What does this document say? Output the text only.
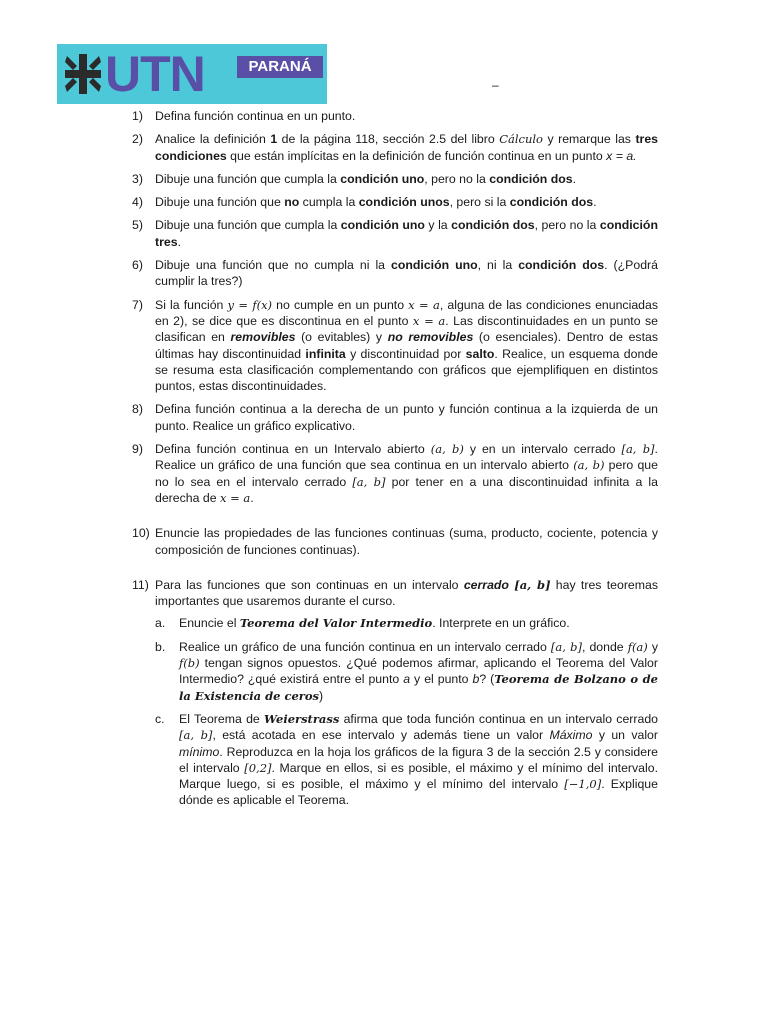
UTN	PARANÁ
–
1) Defina función continua en un punto.
2) Analice la definición 1 de la página 118, sección 2.5 del libro Cálculo y remarque las tres condiciones que están implícitas en la definición de función continua en un punto x = a.
3) Dibuje una función que cumpla la condición uno, pero no la condición dos.
4) Dibuje una función que no cumpla la condición unos, pero si la condición dos.
5) Dibuje una función que cumpla la condición uno y la condición dos, pero no la condición tres.
6) Dibuje una función que no cumpla ni la condición uno, ni la condición dos. (¿Podrá cumplir la tres?)
7) Si la función y = f(x) no cumple en un punto x = a, alguna de las condiciones enunciadas en 2), se dice que es discontinua en el punto x = a. Las discontinuidades en un punto se clasifican en removibles (o evitables) y no removibles (o esenciales). Dentro de estas últimas hay discontinuidad infinita y discontinuidad por salto. Realice, un esquema donde se resuma esta clasificación complementando con gráficos que ejemplifiquen en distintos puntos, estas discontinuidades.
8) Defina función continua a la derecha de un punto y función continua a la izquierda de un punto. Realice un gráfico explicativo.
9) Defina función continua en un Intervalo abierto (a, b) y en un intervalo cerrado [a, b]. Realice un gráfico de una función que sea continua en un intervalo abierto (a, b) pero que no lo sea en el intervalo cerrado [a, b] por tener en a una discontinuidad infinita a la derecha de x = a.
10) Enuncie las propiedades de las funciones continuas (suma, producto, cociente, potencia y composición de funciones continuas).
11) Para las funciones que son continuas en un intervalo cerrado [a, b] hay tres teoremas importantes que usaremos durante el curso.
a. Enuncie el Teorema del Valor Intermedio. Interprete en un gráfico.
b. Realice un gráfico de una función continua en un intervalo cerrado [a, b], donde f(a) y f(b) tengan signos opuestos. ¿Qué podemos afirmar, aplicando el Teorema del Valor Intermedio? ¿qué existirá entre el punto a y el punto b? (Teorema de Bolzano o de la Existencia de ceros)
c. El Teorema de Weierstrass afirma que toda función continua en un intervalo cerrado [a, b], está acotada en ese intervalo y además tiene un valor Máximo y un valor mínimo. Reproduzca en la hoja los gráficos de la figura 3 de la sección 2.5 y considere el intervalo [0,2]. Marque en ellos, si es posible, el máximo y el mínimo del intervalo. Marque luego, si es posible, el máximo y el mínimo del intervalo [−1,0]. Explique dónde es aplicable el Teorema.
